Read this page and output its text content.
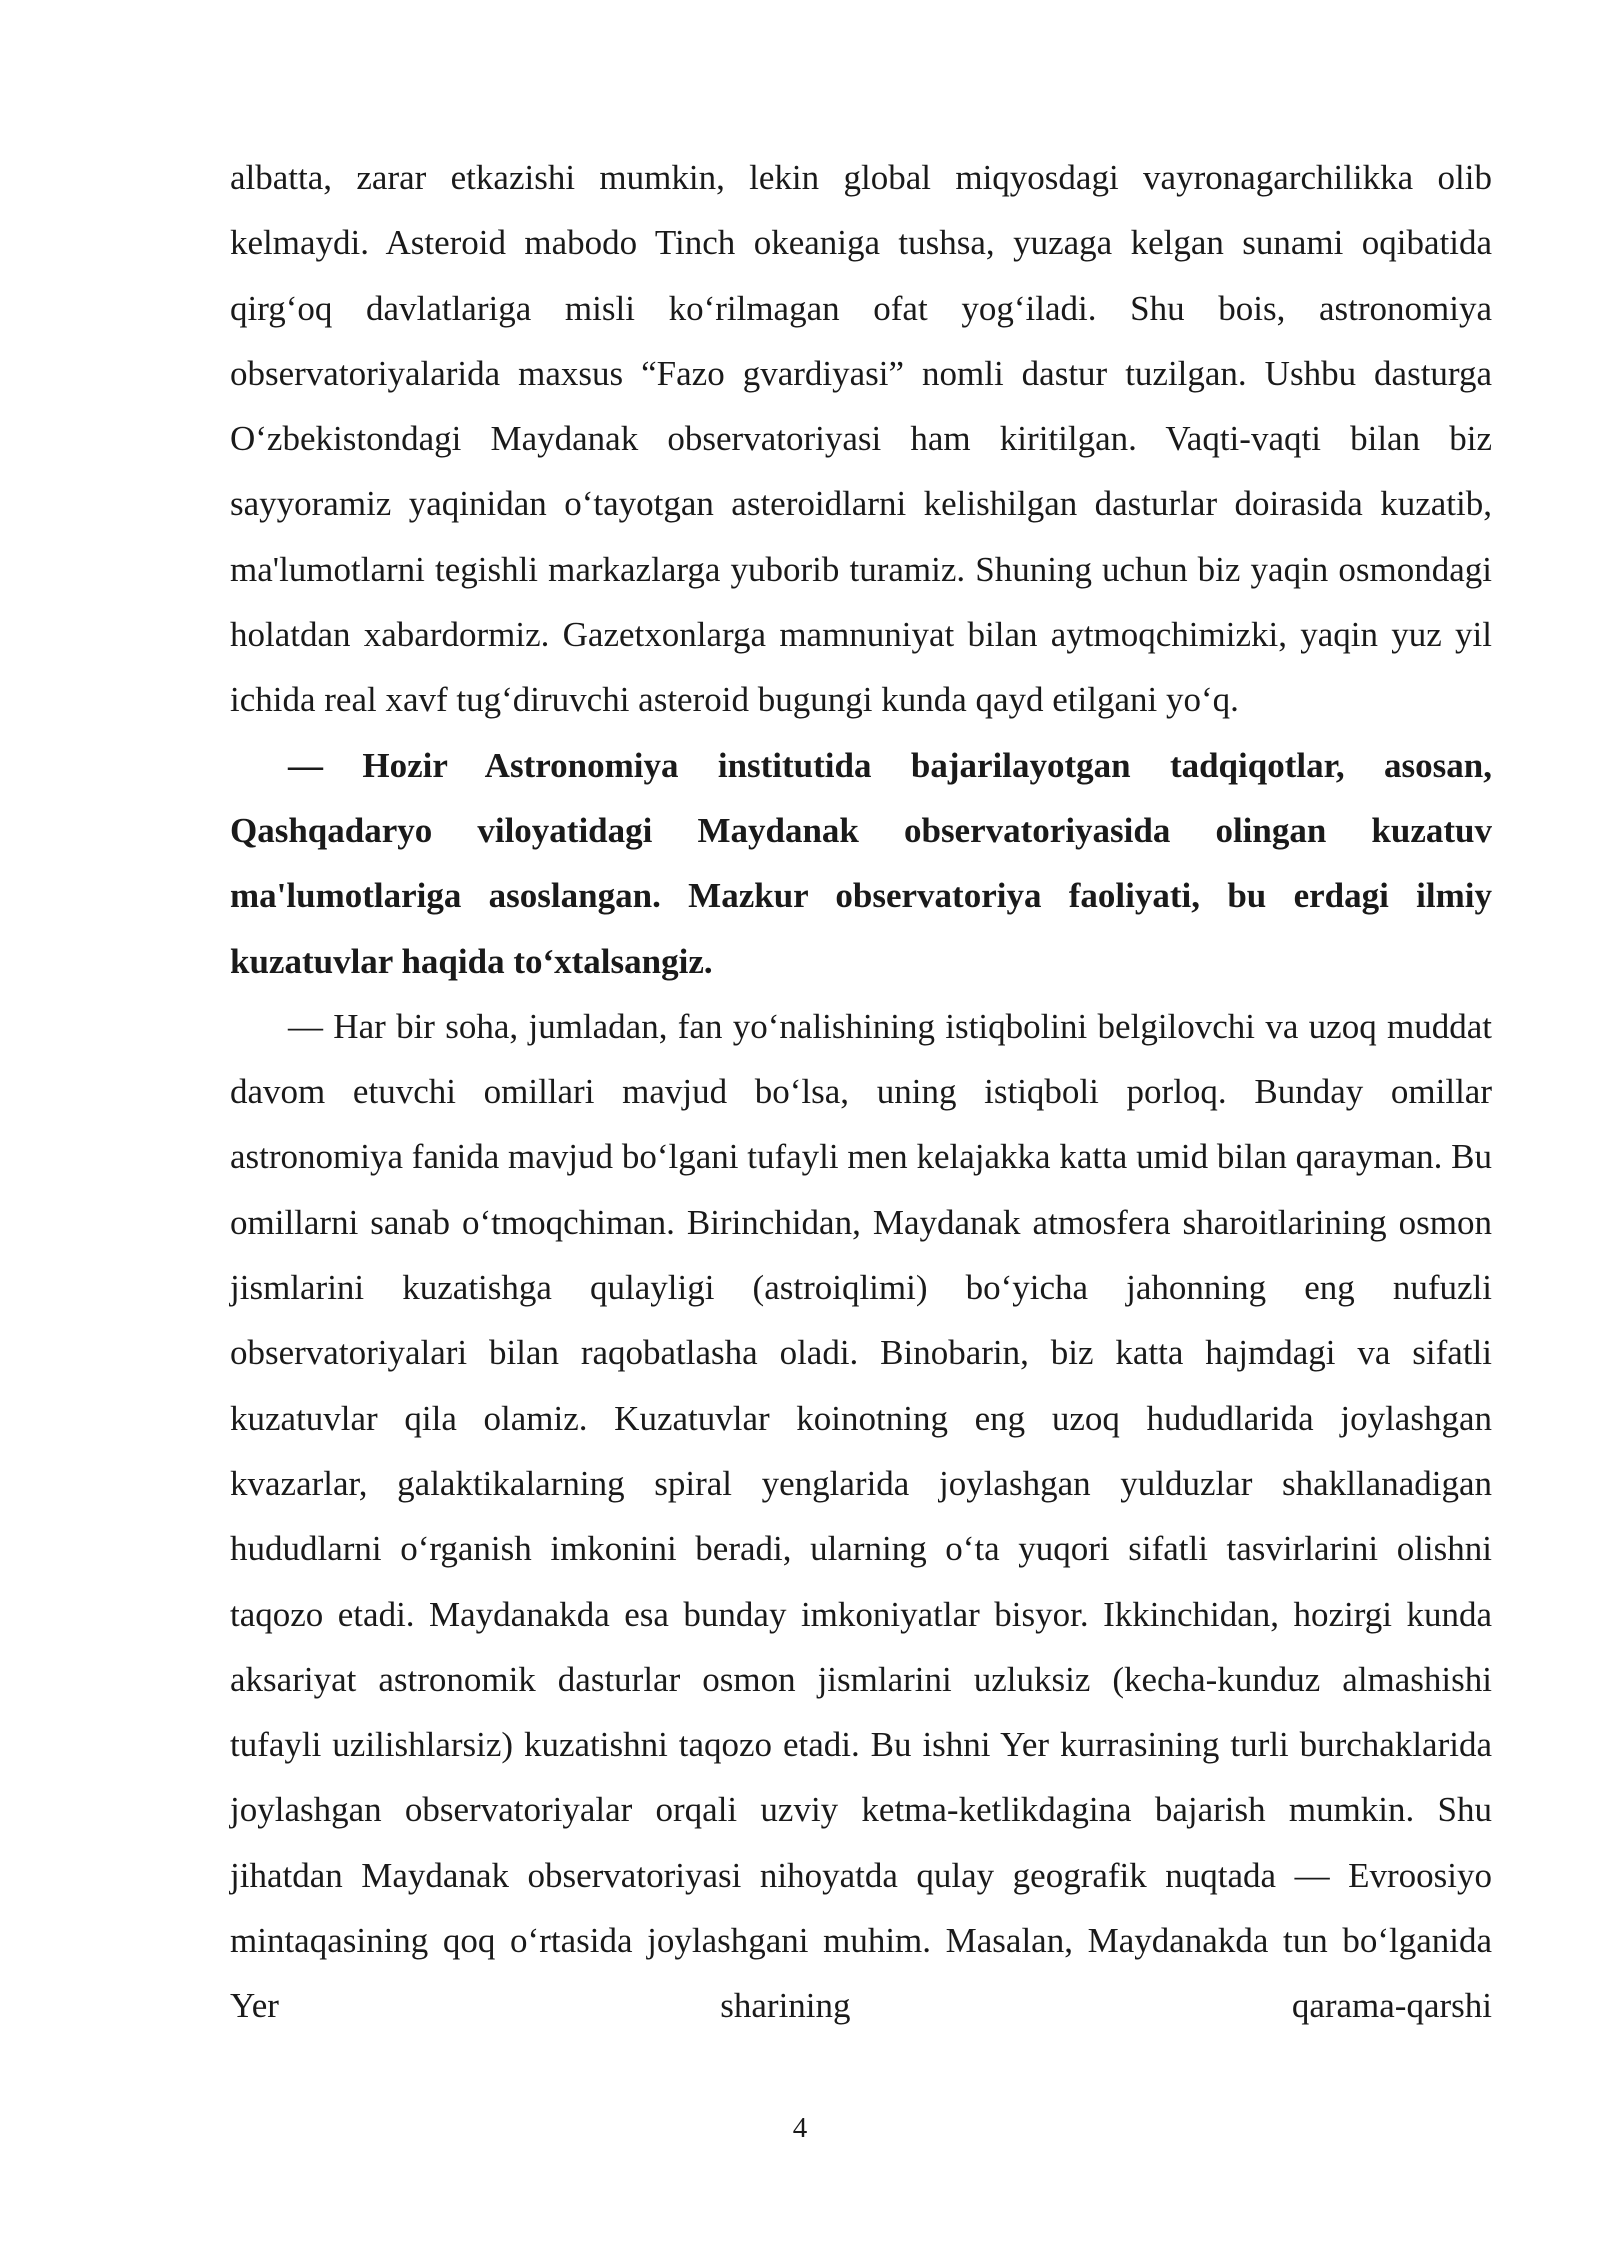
albatta, zarar etkazishi mumkin, lekin global miqyosdagi vayronagarchilikka olib kelmaydi. Asteroid mabodo Tinch okeaniga tushsa, yuzaga kelgan sunami oqibatida qirg‘oq davlatlariga misli ko‘rilmagan ofat yog‘iladi. Shu bois, astronomiya observatoriyalarida maxsus “Fazo gvardiyasi” nomli dastur tuzilgan. Ushbu dasturga O‘zbekistondagi Maydanak observatoriyasi ham kiritilgan. Vaqti-vaqti bilan biz sayyoramiz yaqinidan o‘tayotgan asteroidlarni kelishilgan dasturlar doirasida kuzatib, ma'lumotlarni tegishli markazlarga yuborib turamiz. Shuning uchun biz yaqin osmondagi holatdan xabardormiz. Gazetxonlarga mamnuniyat bilan aytmoqchimizki, yaqin yuz yil ichida real xavf tug‘diruvchi asteroid bugungi kunda qayd etilgani yo‘q.

— Hozir Astronomiya institutida bajarilayotgan tadqiqotlar, asosan, Qashqadaryo viloyatidagi Maydanak observatoriyasida olingan kuzatuv ma'lumotlariga asoslangan. Mazkur observatoriya faoliyati, bu erdagi ilmiy kuzatuvlar haqida to‘xtalsangiz.

— Har bir soha, jumladan, fan yo‘nalishining istiqbolini belgilovchi va uzoq muddat davom etuvchi omillari mavjud bo‘lsa, uning istiqboli porloq. Bunday omillar astronomiya fanida mavjud bo‘lgani tufayli men kelajakka katta umid bilan qarayman. Bu omillarni sanab o‘tmoqchiman. Birinchidan, Maydanak atmosfera sharoitlarining osmon jismlarini kuzatishga qulayligi (astroiqlimi) bo‘yicha jahonning eng nufuzli observatoriyalari bilan raqobatlasha oladi. Binobarin, biz katta hajmdagi va sifatli kuzatuvlar qila olamiz. Kuzatuvlar koinotning eng uzoq hududlarida joylashgan kvazarlar, galaktikalarning spiral yenglarida joylashgan yulduzlar shakllanadigan hududlarni o‘rganish imkonini beradi, ularning o‘ta yuqori sifatli tasvirlarini olishni taqozo etadi. Maydanakda esa bunday imkoniyatlar bisyor. Ikkinchidan, hozirgi kunda aksariyat astronomik dasturlar osmon jismlarini uzluksiz (kecha-kunduz almashishi tufayli uzilishlarsiz) kuzatishni taqozo etadi. Bu ishni Yer kurrasining turli burchaklarida joylashgan observatoriyalar orqali uzviy ketma-ketlikdagina bajarish mumkin. Shu jihatdan Maydanak observatoriyasi nihoyatda qulay geografik nuqtada — Evroosiyo mintaqasining qoq o‘rtasida joylashgani muhim. Masalan, Maydanakda tun bo‘lganida Yer sharining qarama-qarshi

4
